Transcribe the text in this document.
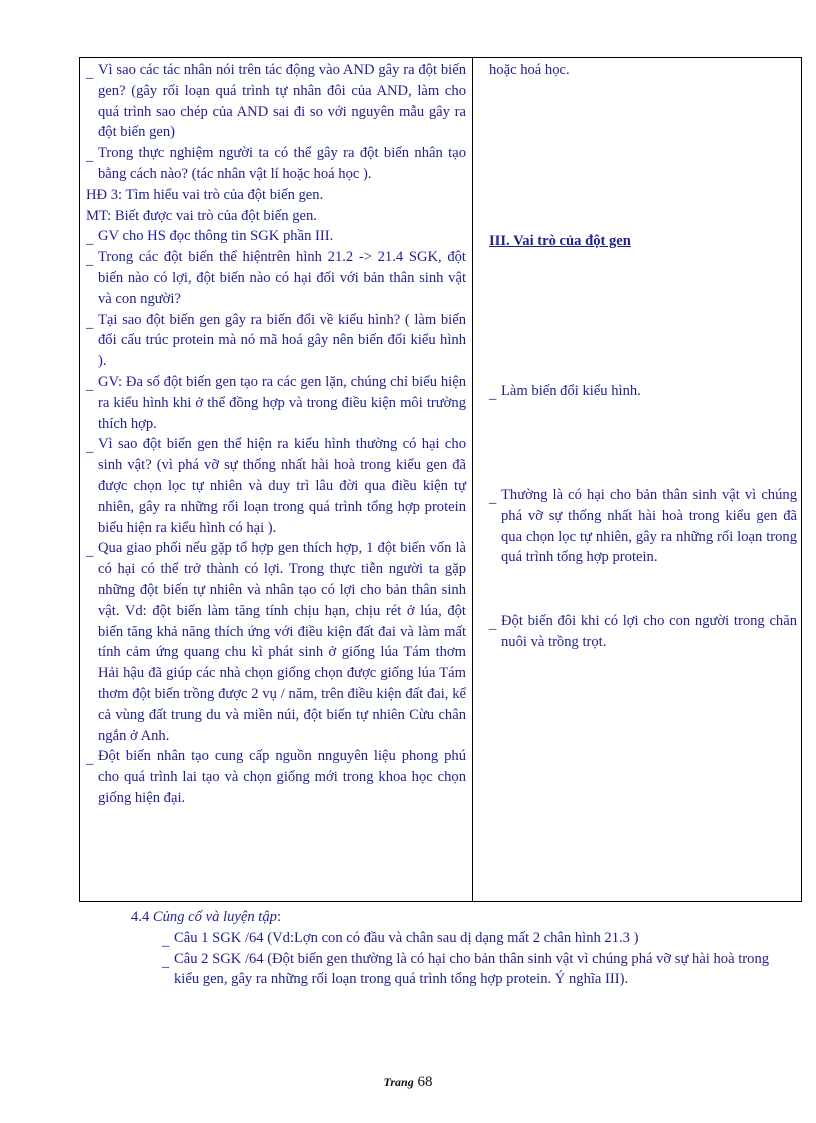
_ Vì sao các tác nhân nói trên tác động vào AND gây ra đột biến gen? (gây rối loạn quá trình tự nhân đôi của AND, làm cho quá trình sao chép của AND sai đi so với nguyên mẫu gây ra đột biến gen)
_ Trong thực nghiệm người ta có thể gây ra đột biến nhân tạo bằng cách nào? (tác nhân vật lí hoặc hoá học ).
HĐ 3: Tìm hiểu vai trò của đột biến gen.
MT: Biết được vai trò của đột biến gen.
_ GV cho HS đọc thông tin SGK phần III.
_ Trong các đột biến thể hiệntrên hình 21.2 -> 21.4 SGK, đột biến nào có lợi, đột biến nào có hại đối với bản thân sinh vật và con người?
_ Tại sao đột biến gen gây ra biến đổi về kiểu hình? ( làm biến đổi cấu trúc protein mà nó mã hoá gây nên biến đổi kiểu hình ).
_ GV: Đa số đột biến gen tạo ra các gen lặn, chúng chỉ biểu hiện ra kiểu hình khi ở thể đồng hợp và trong điều kiện môi trường thích hợp.
_ Vì sao đột biến gen thể hiện ra kiểu hình thường có hại cho sinh vật? (vì phá vỡ sự thống nhất hài hoà trong kiểu gen đã được chọn lọc tự nhiên và duy trì lâu đời qua điều kiện tự nhiên, gây ra những rối loạn trong quá trình tổng hợp protein biểu hiện ra kiểu hình có hại ).
_ Qua giao phối nếu gặp tổ hợp gen thích hợp, 1 đột biến vốn là có hại có thể trở thành có lợi. Trong thực tiễn người ta gặp những đột biến tự nhiên và nhân tạo có lợi cho bản thân sinh vật. Vd: đột biến làm tăng tính chịu hạn, chịu rét ở lúa, đột biến tăng khả năng thích ứng với điều kiện đất đai và làm mất tính cảm ứng quang chu kì phát sinh ở giống lúa Tám thơm Hải hậu đã giúp các nhà chọn giống chọn được giống lúa Tám thơm đột biến trồng được 2 vụ / năm, trên điều kiện đất đai, kể cả vùng đất trung du và miền núi, đột biến tự nhiên Cừu chân ngắn ở Anh.
_ Đột biến nhân tạo cung cấp nguồn nnguyên liệu phong phú cho quá trình lai tạo và chọn giống mới trong khoa học chọn giống hiện đại.
hoặc hoá học.
III. Vai trò của đột gen
_ Làm biến đổi kiểu hình.
_ Thường là có hại cho bản thân sinh vật vì chúng phá vỡ sự thống nhất hài hoà trong kiểu gen đã qua chọn lọc tự nhiên, gây ra những rối loạn trong quá trình tổng hợp protein.
_ Đột biến đôi khi có lợi cho con người trong chăn nuôi và trồng trọt.
4.4 Củng cố và luyện tập:
_ Câu 1 SGK /64 (Vd:Lợn con có đầu và chân sau dị dạng mất 2 chân hình 21.3 )
_ Câu 2 SGK /64 (Đột biến gen thường là có hại cho bản thân sinh vật vì chúng phá vỡ sự hài hoà trong kiểu gen, gây ra những rối loạn trong quá trình tổng hợp protein. Ý nghĩa III).
Trang 68
